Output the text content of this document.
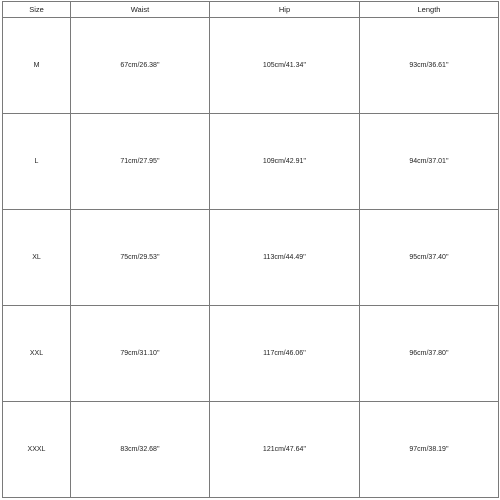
Size	Waist	Hip	Length
M	67cm/26.38''	105cm/41.34''	93cm/36.61''
L	71cm/27.95''	109cm/42.91''	94cm/37.01''
XL	75cm/29.53''	113cm/44.49''	95cm/37.40''
XXL	79cm/31.10''	117cm/46.06''	96cm/37.80''
XXXL	83cm/32.68''	121cm/47.64''	97cm/38.19''
